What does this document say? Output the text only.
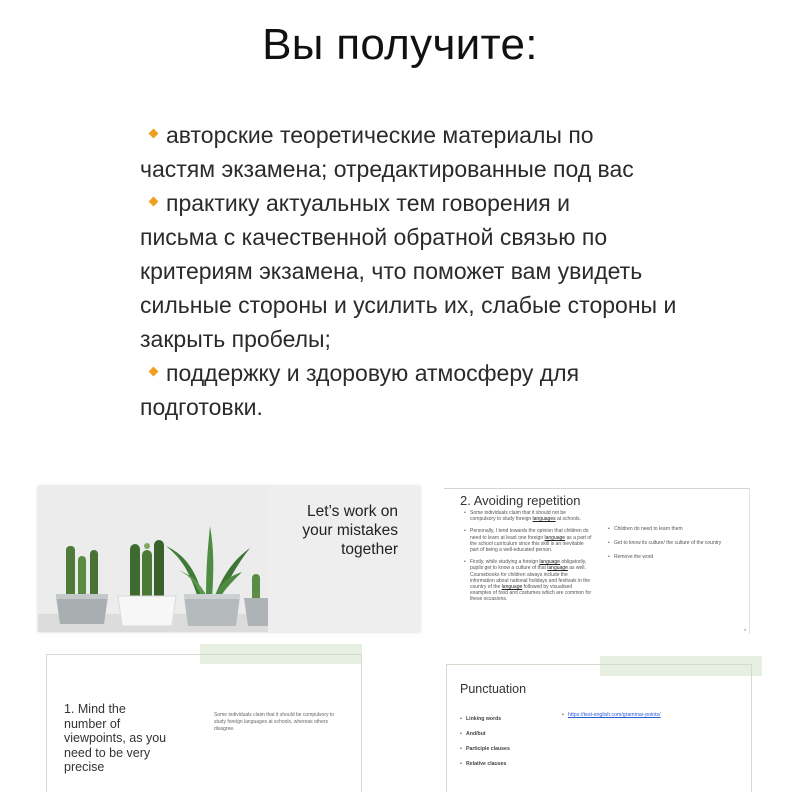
Вы получите:
авторские теоретические материалы по
частям экзамена; отредактированные под вас
практику актуальных тем говорения и
письма с качественной обратной связью по критериям экзамена, что поможет вам увидеть сильные стороны и усилить их, слабые стороны и закрыть пробелы;
поддержку и здоровую атмосферу для
подготовки.
Let’s work on
your mistakes
together
2. Avoiding repetition

• Some individuals claim that it should not be compulsory to study foreign languages at schools.

• Personally, I tend towards the opinion that children do need to learn at least one foreign language as a part of the school curriculum since this skill is an inevitable part of being a well-educated person.

• Firstly, while studying a foreign language obligatorily, pupils get to know a culture of that language as well. Coursebooks for children always include the information about national holidays and festivals in the country of the language followed by visualised examples of food and costumes which are common for these occasions.

• Children do need to learn them

• Get to know its culture/ the culture of the country

• Remove the word

4
1. Mind the
number of
viewpoints, as you
need to be very
precise
Some individuals claim that it should be compulsory to study foreign languages at schools, whereas others disagree.
Punctuation
• Linking words
• And/but
• Participle clauses
• Relative clauses
• https://test-english.com/grammar-points/
